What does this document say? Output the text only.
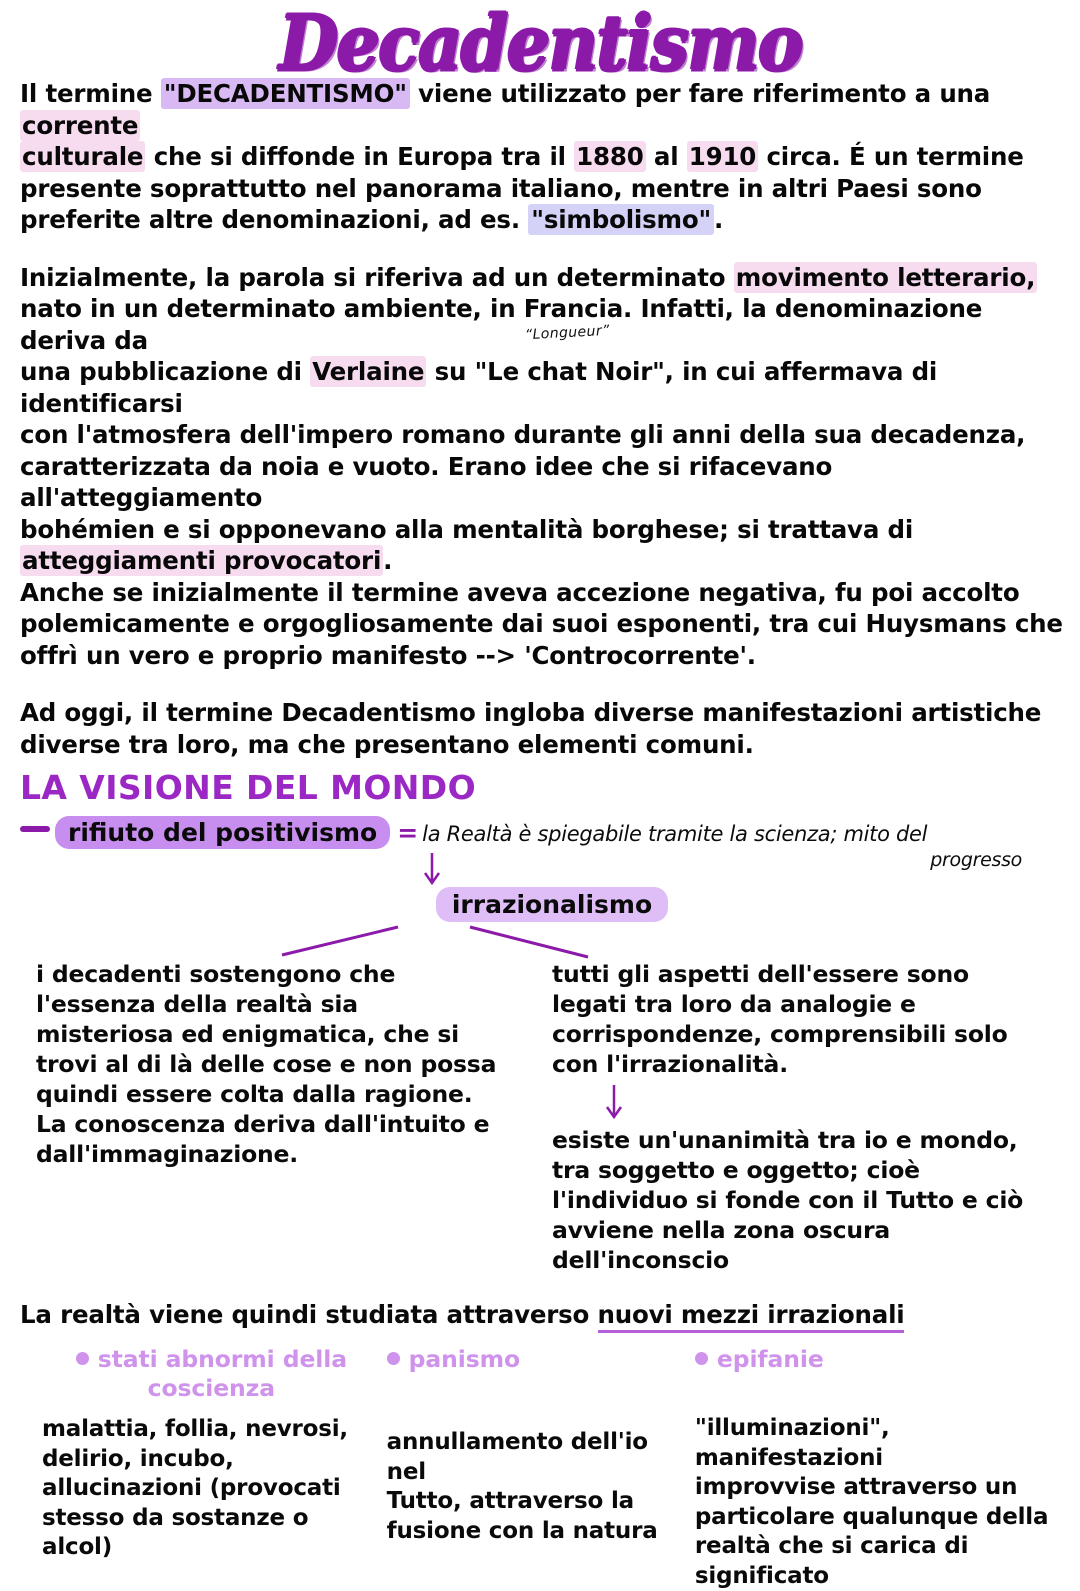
Decadentismo

Il termine "DECADENTISMO" viene utilizzato per fare riferimento a una corrente
culturale che si diffonde in Europa tra il 1880 al 1910 circa. É un termine
presente soprattutto nel panorama italiano, mentre in altri Paesi sono
preferite altre denominazioni, ad es. "simbolismo" .

Inizialmente, la parola si riferiva ad un determinato movimento letterario,
nato in un determinato ambiente, in Francia. Infatti, la denominazione deriva da	“Longueur”
una pubblicazione di Verlaine su "Le chat Noir", in cui affermava di identificarsi
con l'atmosfera dell'impero romano durante gli anni della sua decadenza,
caratterizzata da noia e vuoto. Erano idee che si rifacevano all'atteggiamento
bohémien e si opponevano alla mentalità borghese; si trattava di
atteggiamenti provocatori.

Anche se inizialmente il termine aveva accezione negativa, fu poi accolto
polemicamente e orgogliosamente dai suoi esponenti, tra cui Huysmans che
offrì un vero e proprio manifesto --> 'Controcorrente'.

Ad oggi, il termine Decadentismo ingloba diverse manifestazioni artistiche
diverse tra loro, ma che presentano elementi comuni.

LA VISIONE DEL MONDO
rifiuto del positivismo = la Realtà è spiegabile tramite la scienza; mito del
progresso
irrazionalismo

i decadenti sostengono che
l'essenza della realtà sia
misteriosa ed enigmatica, che si
trovi al di là delle cose e non possa
quindi essere colta dalla ragione.
La conoscenza deriva dall'intuito e
dall'immaginazione.

tutti gli aspetti dell'essere sono
legati tra loro da analogie e
corrispondenze, comprensibili solo
con l'irrazionalità.

esiste un'unanimità tra io e mondo,
tra soggetto e oggetto; cioè
l'individuo si fonde con il Tutto e ciò
avviene nella zona oscura
dell'inconscio

La realtà viene quindi studiata attraverso nuovi mezzi irrazionali

stati abnormi della
coscienza

malattia, follia, nevrosi,
delirio, incubo,
allucinazioni (provocati
stesso da sostanze o
alcol)

panismo

annullamento dell'io nel
Tutto, attraverso la
fusione con la natura

epifanie

"illuminazioni", manifestazioni
improvvise attraverso un
particolare qualunque della
realtà che si carica di
significato
